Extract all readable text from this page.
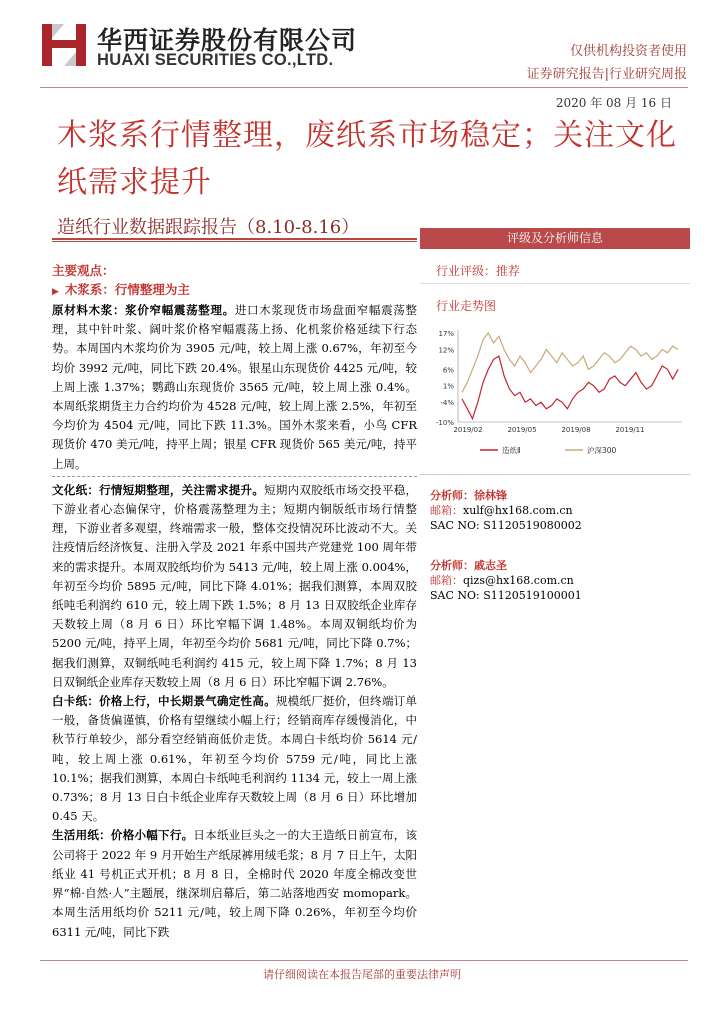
华西证券股份有限公司
HUAXI SECURITIES CO.,LTD.	仅供机构投资者使用
证券研究报告|行业研究周报
2020 年 08 月 16 日
木浆系行情整理，废纸系市场稳定；关注文化纸需求提升
造纸行业数据跟踪报告（8.10-8.16）
主要观点：
▶ 木浆系：行情整理为主

原材料木浆：浆价窄幅震荡整理。进口木浆现货市场盘面窄幅震荡整理，其中针叶浆、阔叶浆价格窄幅震荡上扬、化机浆价格延续下行态势。本周国内木浆均价为 3905 元/吨，较上周上涨 0.67%，年初至今均价 3992 元/吨，同比下跌 20.4%。银星山东现货价 4425 元/吨，较上周上涨 1.37%；鹦鹉山东现货价 3565 元/吨，较上周上涨 0.4%。本周纸浆期货主力合约均价为 4528 元/吨，较上周上涨 2.5%，年初至今均价为 4504 元/吨，同比下跌 11.3%。国外木浆来看，小鸟 CFR 现货价 470 美元/吨，持平上周；银星 CFR 现货价 565 美元/吨，持平上周。

文化纸：行情短期整理，关注需求提升。短期内双胶纸市场交投平稳，下游业者心态偏保守，价格震荡整理为主；短期内铜版纸市场行情整理，下游业者多观望，终端需求一般，整体交投情况环比波动不大。关注疫情后经济恢复、注册入学及 2021 年系中国共产党建党 100 周年带来的需求提升。本周双胶纸均价为 5413 元/吨，较上周上涨 0.004%，年初至今均价 5895 元/吨，同比下降 4.01%；据我们测算，本周双胶纸吨毛利润约 610 元，较上周下跌 1.5%；8 月 13 日双胶纸企业库存天数较上周（8 月 6 日）环比窄幅下调 1.48%。本周双铜纸均价为 5200 元/吨，持平上周，年初至今均价 5681 元/吨，同比下降 0.7%；据我们测算，双铜纸吨毛利润约 415 元，较上周下降 1.7%；8 月 13 日双铜纸企业库存天数较上周（8 月 6 日）环比窄幅下调 2.76%。

白卡纸：价格上行，中长期景气确定性高。规模纸厂挺价，但终端订单一般，备货偏谨慎，价格有望继续小幅上行；经销商库存缓慢消化，中秋节行单较少，部分看空经销商低价走货。本周白卡纸均价 5614 元/吨，较上周上涨 0.61%，年初至今均价 5759 元/吨，同比上涨 10.1%；据我们测算，本周白卡纸吨毛利润约 1134 元，较上一周上涨 0.73%；8 月 13 日白卡纸企业库存天数较上周（8 月 6 日）环比增加 0.45 天。

生活用纸：价格小幅下行。日本纸业巨头之一的大王造纸日前宣布，该公司将于 2022 年 9 月开始生产纸尿裤用绒毛浆；8 月 7 日上午，太阳纸业 41 号机正式开机；8 月 8 日，全棉时代 2020 年度全棉改变世界“棉·自然·人”主题展，继深圳启幕后，第二站落地西安 momopark。本周生活用纸均价 5211 元/吨，较上周下降 0.26%，年初至今均价 6311 元/吨，同比下跌

评级及分析师信息
行业评级：推荐
行业走势图
17%
12%
6%
1%
-4%
-10%
2019/02	2019/05	2019/08	2019/11
造纸Ⅱ	沪深300
分析师：徐林锋
邮箱：xulf@hx168.com.cn
SAC NO: S1120519080002
分析师：戚志圣
邮箱：qizs@hx168.com.cn
SAC NO: S1120519100001
请仔细阅读在本报告尾部的重要法律声明
